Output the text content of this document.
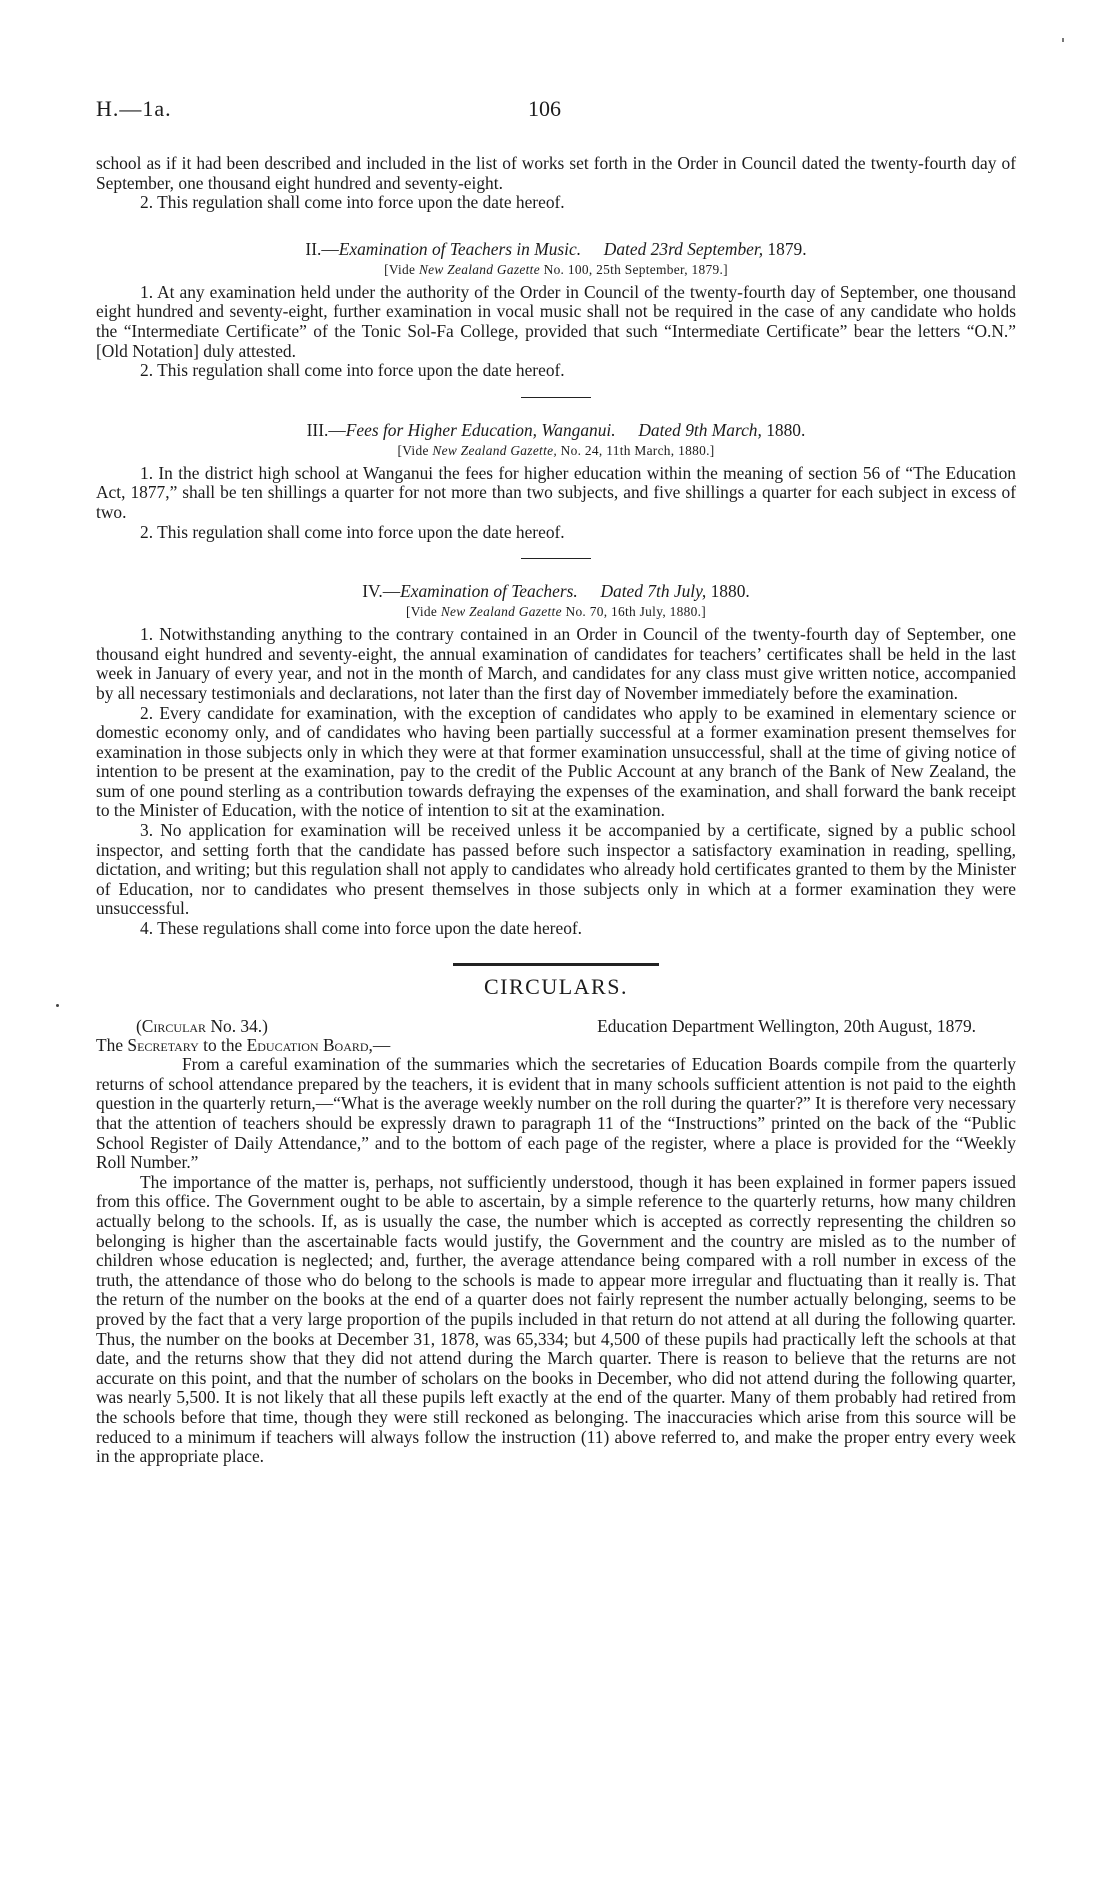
H.—1a.	106

school as if it had been described and included in the list of works set forth in the Order in Council dated the twenty-fourth day of September, one thousand eight hundred and seventy-eight.

2. This regulation shall come into force upon the date hereof.

II.—Examination of Teachers in Music. Dated 23rd September, 1879.
[Vide New Zealand Gazette No. 100, 25th September, 1879.]

1. At any examination held under the authority of the Order in Council of the twenty-fourth day of September, one thousand eight hundred and seventy-eight, further examination in vocal music shall not be required in the case of any candidate who holds the “Intermediate Certificate” of the Tonic Sol-Fa College, provided that such “Intermediate Certificate” bear the letters “O.N.” [Old Notation] duly attested.

2. This regulation shall come into force upon the date hereof.

III.—Fees for Higher Education, Wanganui. Dated 9th March, 1880.
[Vide New Zealand Gazette, No. 24, 11th March, 1880.]

1. In the district high school at Wanganui the fees for higher education within the meaning of section 56 of “The Education Act, 1877,” shall be ten shillings a quarter for not more than two subjects, and five shillings a quarter for each subject in excess of two.

2. This regulation shall come into force upon the date hereof.

IV.—Examination of Teachers. Dated 7th July, 1880.
[Vide New Zealand Gazette No. 70, 16th July, 1880.]

1. Notwithstanding anything to the contrary contained in an Order in Council of the twenty-fourth day of September, one thousand eight hundred and seventy-eight, the annual examination of candidates for teachers’ certificates shall be held in the last week in January of every year, and not in the month of March, and candidates for any class must give written notice, accompanied by all necessary testimonials and declarations, not later than the first day of November immediately before the examination.

2. Every candidate for examination, with the exception of candidates who apply to be examined in elementary science or domestic economy only, and of candidates who having been partially successful at a former examination present themselves for examination in those subjects only in which they were at that former examination unsuccessful, shall at the time of giving notice of intention to be present at the examination, pay to the credit of the Public Account at any branch of the Bank of New Zealand, the sum of one pound sterling as a contribution towards defraying the expenses of the examination, and shall forward the bank receipt to the Minister of Education, with the notice of intention to sit at the examination.

3. No application for examination will be received unless it be accompanied by a certificate, signed by a public school inspector, and setting forth that the candidate has passed before such inspector a satisfactory examination in reading, spelling, dictation, and writing; but this regulation shall not apply to candidates who already hold certificates granted to them by the Minister of Education, nor to candidates who present themselves in those subjects only in which at a former examination they were unsuccessful.

4. These regulations shall come into force upon the date hereof.

CIRCULARS.
(Circular No. 34.)	Education Department Wellington, 20th August, 1879.

The Secretary to the Education Board,—

From a careful examination of the summaries which the secretaries of Education Boards compile from the quarterly returns of school attendance prepared by the teachers, it is evident that in many schools sufficient attention is not paid to the eighth question in the quarterly return,—“What is the average weekly number on the roll during the quarter?” It is therefore very necessary that the attention of teachers should be expressly drawn to paragraph 11 of the “Instructions” printed on the back of the “Public School Register of Daily Attendance,” and to the bottom of each page of the register, where a place is provided for the “Weekly Roll Number.”

The importance of the matter is, perhaps, not sufficiently understood, though it has been explained in former papers issued from this office. The Government ought to be able to ascertain, by a simple reference to the quarterly returns, how many children actually belong to the schools. If, as is usually the case, the number which is accepted as correctly representing the children so belonging is higher than the ascertainable facts would justify, the Government and the country are misled as to the number of children whose education is neglected; and, further, the average attendance being compared with a roll number in excess of the truth, the attendance of those who do belong to the schools is made to appear more irregular and fluctuating than it really is. That the return of the number on the books at the end of a quarter does not fairly represent the number actually belonging, seems to be proved by the fact that a very large proportion of the pupils included in that return do not attend at all during the following quarter. Thus, the number on the books at December 31, 1878, was 65,334; but 4,500 of these pupils had practically left the schools at that date, and the returns show that they did not attend during the March quarter. There is reason to believe that the returns are not accurate on this point, and that the number of scholars on the books in December, who did not attend during the following quarter, was nearly 5,500. It is not likely that all these pupils left exactly at the end of the quarter. Many of them probably had retired from the schools before that time, though they were still reckoned as belonging. The inaccuracies which arise from this source will be reduced to a minimum if teachers will always follow the instruction (11) above referred to, and make the proper entry every week in the appropriate place.
